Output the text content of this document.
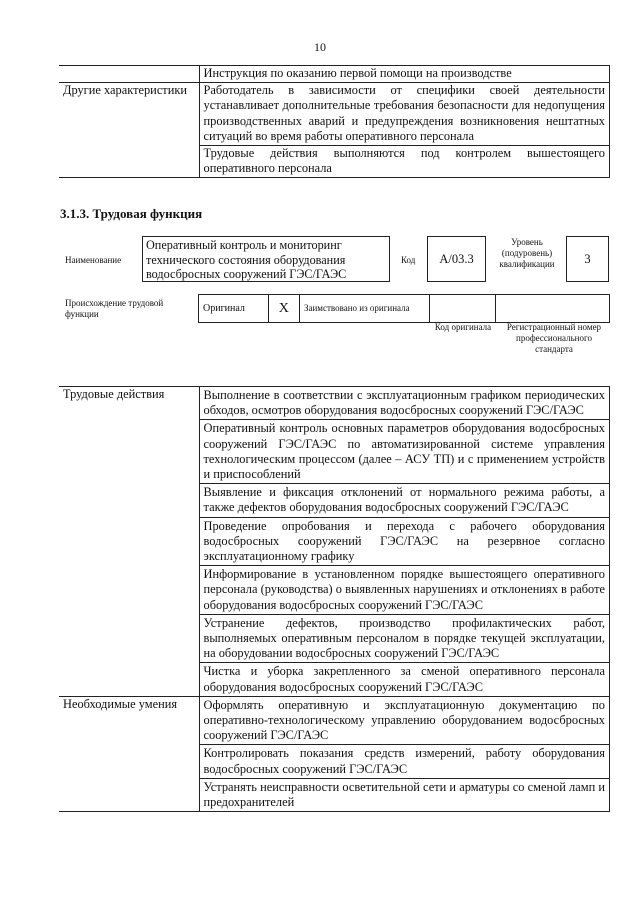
10
	Инструкция по оказанию первой помощи на производстве
Другие характеристики	Работодатель в зависимости от специфики своей деятельности устанавливает дополнительные требования безопасности для недопущения производственных аварий и предупреждения возникновения нештатных ситуаций во время работы оперативного персонала
	Трудовые действия выполняются под контролем вышестоящего оперативного персонала
3.1.3. Трудовая функция
Наименование
Оперативный контроль и мониторинг технического состояния оборудования водосбросных сооружений ГЭС/ГАЭС
Код	A/03.3
Уровень (подуровень) квалификации	3
Происхождение трудовой функции	Оригинал	X	Заимствовано из оригинала		
Код оригинала	Регистрационный номер профессионального стандарта
Трудовые действия	Выполнение в соответствии с эксплуатационным графиком периодических обходов, осмотров оборудования водосбросных сооружений ГЭС/ГАЭС
	Оперативный контроль основных параметров оборудования водосбросных сооружений ГЭС/ГАЭС по автоматизированной системе управления технологическим процессом (далее – АСУ ТП) и с применением устройств и приспособлений
	Выявление и фиксация отклонений от нормального режима работы, а также дефектов оборудования водосбросных сооружений ГЭС/ГАЭС
	Проведение опробования и перехода с рабочего оборудования водосбросных сооружений ГЭС/ГАЭС на резервное согласно эксплуатационному графику
	Информирование в установленном порядке вышестоящего оперативного персонала (руководства) о выявленных нарушениях и отклонениях в работе оборудования водосбросных сооружений ГЭС/ГАЭС
	Устранение дефектов, производство профилактических работ, выполняемых оперативным персоналом в порядке текущей эксплуатации, на оборудовании водосбросных сооружений ГЭС/ГАЭС
	Чистка и уборка закрепленного за сменой оперативного персонала оборудования водосбросных сооружений ГЭС/ГАЭС
Необходимые умения	Оформлять оперативную и эксплуатационную документацию по оперативно-технологическому управлению оборудованием водосбросных сооружений ГЭС/ГАЭС
	Контролировать показания средств измерений, работу оборудования водосбросных сооружений ГЭС/ГАЭС
	Устранять неисправности осветительной сети и арматуры со сменой ламп и предохранителей
